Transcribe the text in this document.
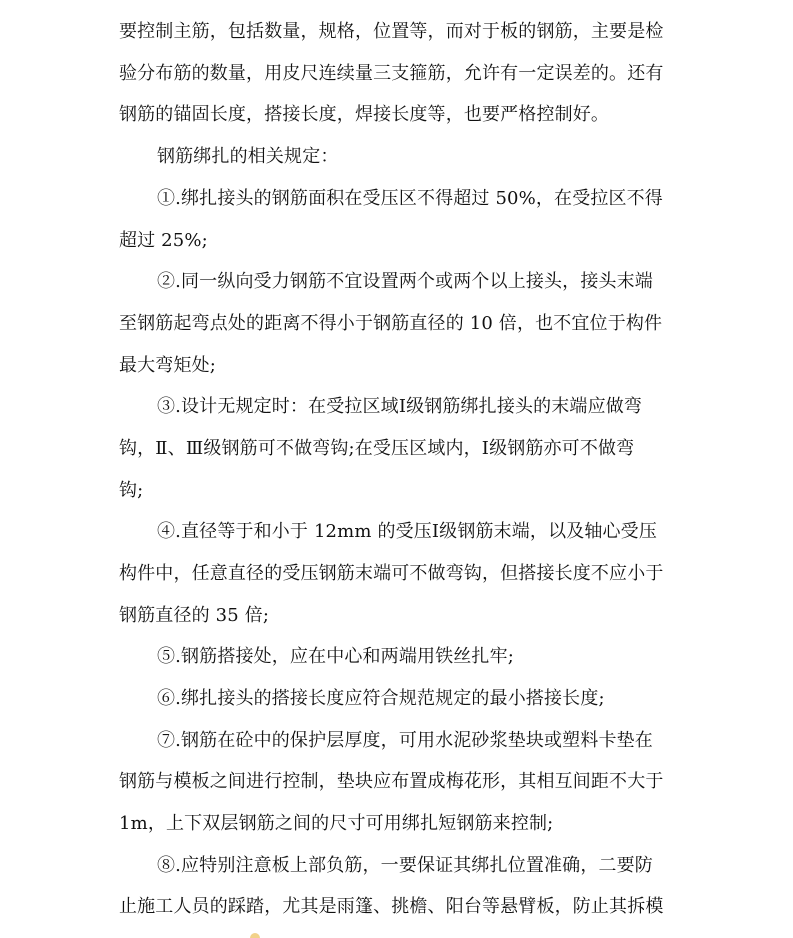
要控制主筋，包括数量，规格，位置等，而对于板的钢筋，主要是检
验分布筋的数量，用皮尺连续量三支箍筋，允许有一定误差的。还有
钢筋的锚固长度，搭接长度，焊接长度等，也要严格控制好。
钢筋绑扎的相关规定：
①.绑扎接头的钢筋面积在受压区不得超过 50%，在受拉区不得
超过 25%;
②.同一纵向受力钢筋不宜设置两个或两个以上接头，接头末端
至钢筋起弯点处的距离不得小于钢筋直径的 10 倍，也不宜位于构件
最大弯矩处;
③.设计无规定时：在受拉区域Ⅰ级钢筋绑扎接头的末端应做弯
钩，Ⅱ、Ⅲ级钢筋可不做弯钩;在受压区域内，Ⅰ级钢筋亦可不做弯
钩;
④.直径等于和小于 12mm 的受压Ⅰ级钢筋末端，以及轴心受压
构件中，任意直径的受压钢筋末端可不做弯钩，但搭接长度不应小于
钢筋直径的 35 倍;
⑤.钢筋搭接处，应在中心和两端用铁丝扎牢;
⑥.绑扎接头的搭接长度应符合规范规定的最小搭接长度;
⑦.钢筋在砼中的保护层厚度，可用水泥砂浆垫块或塑料卡垫在
钢筋与模板之间进行控制，垫块应布置成梅花形，其相互间距不大于
1m，上下双层钢筋之间的尺寸可用绑扎短钢筋来控制;
⑧.应特别注意板上部负筋，一要保证其绑扎位置准确，二要防
止施工人员的踩踏，尤其是雨篷、挑檐、阳台等悬臂板，防止其拆模
